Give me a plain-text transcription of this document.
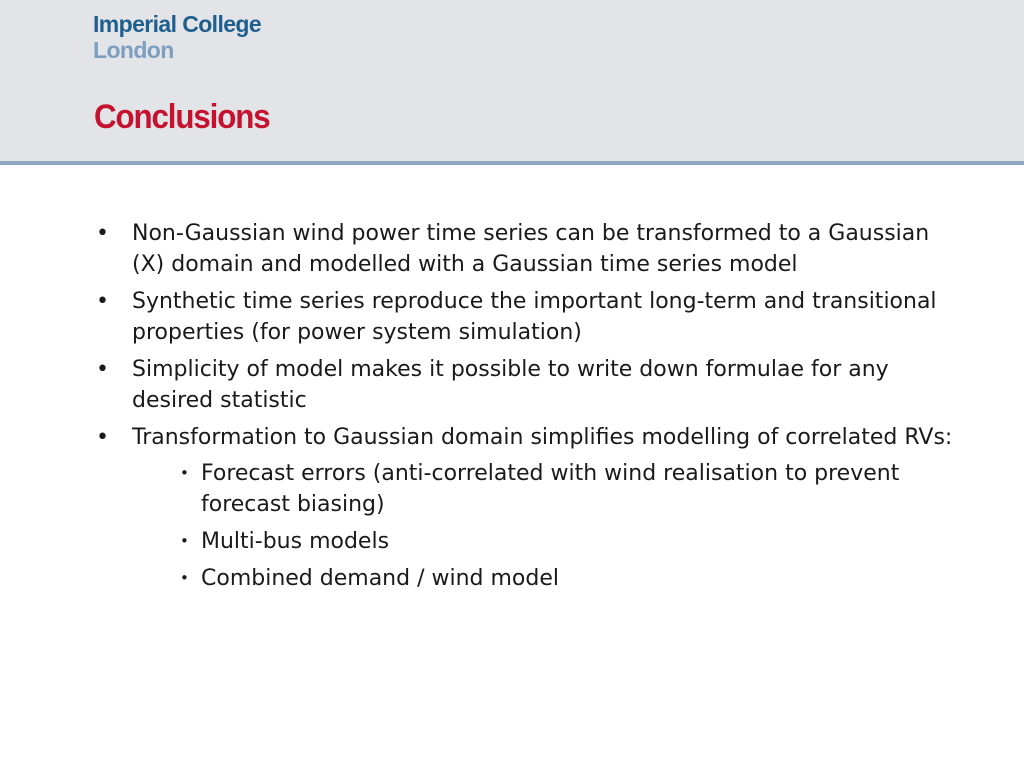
Imperial College
London
Conclusions
• Non-Gaussian wind power time series can be transformed to a Gaussian (X) domain and modelled with a Gaussian time series model
• Synthetic time series reproduce the important long-term and transitional properties (for power system simulation)
• Simplicity of model makes it possible to write down formulae for any desired statistic
• Transformation to Gaussian domain simplifies modelling of correlated RVs:
• Forecast errors (anti-correlated with wind realisation to prevent forecast biasing)
• Multi-bus models
• Combined demand / wind model
